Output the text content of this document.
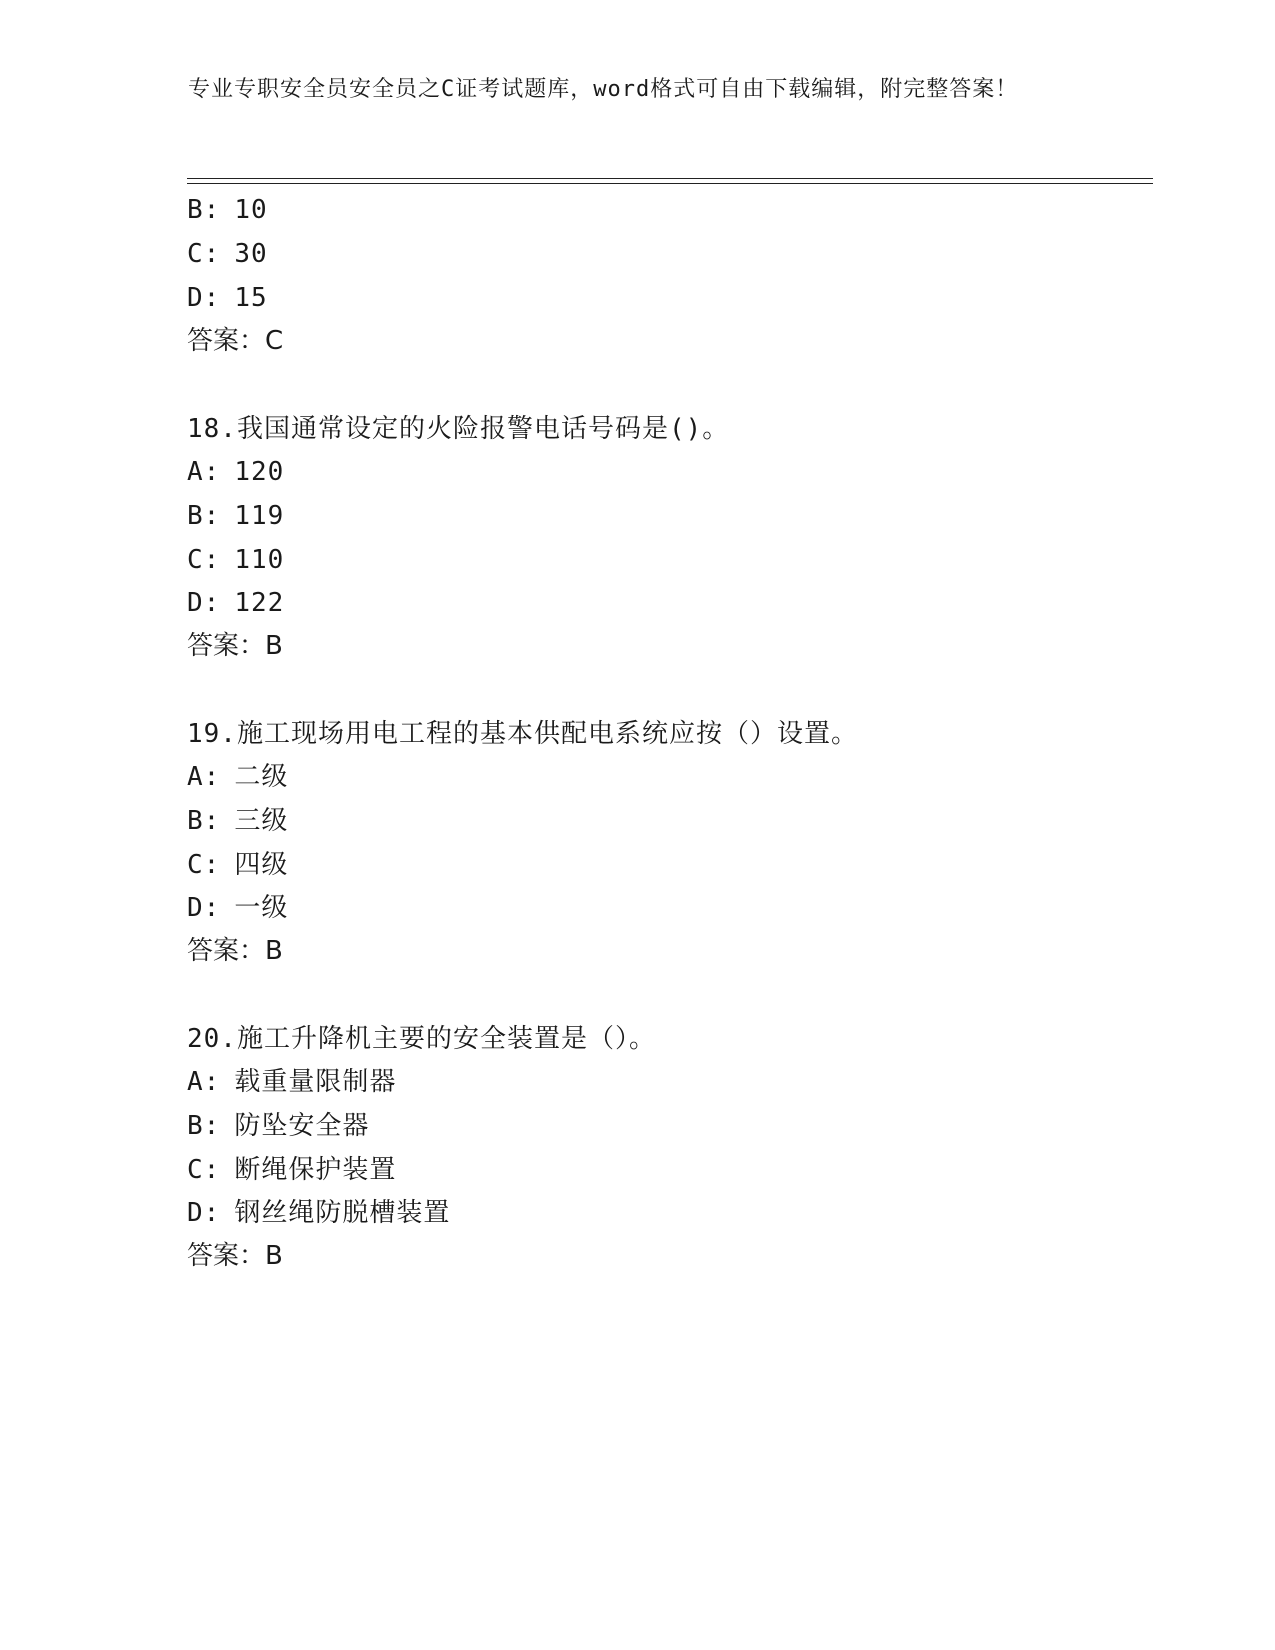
专业专职安全员安全员之C证考试题库，word格式可自由下载编辑，附完整答案！
B: 10
C: 30
D: 15
答案：C
18.我国通常设定的火险报警电话号码是()。
A: 120
B: 119
C: 110
D: 122
答案：B
19.施工现场用电工程的基本供配电系统应按（）设置。
A: 二级
B: 三级
C: 四级
D: 一级
答案：B
20.施工升降机主要的安全装置是（）。
A: 载重量限制器
B: 防坠安全器
C: 断绳保护装置
D: 钢丝绳防脱槽装置
答案：B
